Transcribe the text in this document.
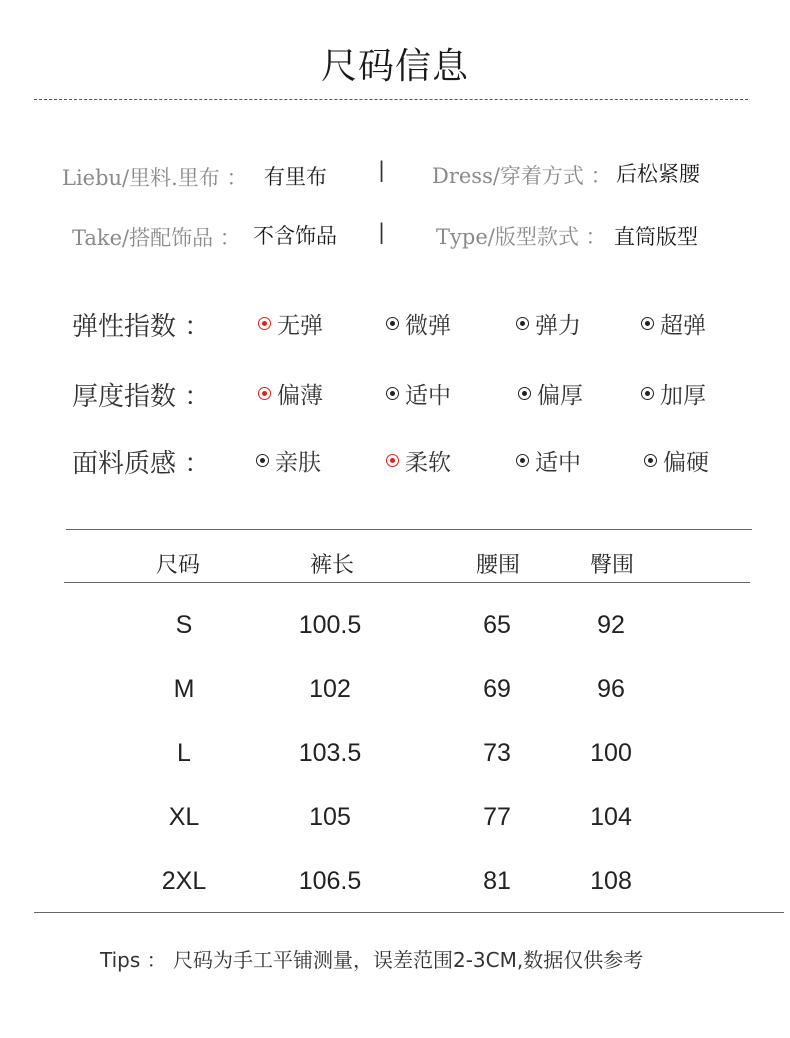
尺码信息
Liebu/里料.里布 ： 有里布 | Dress/穿着方式 ： 后松紧腰
Take/搭配饰品 ： 不含饰品 | Type/版型款式 ： 直筒版型
弹性指数 ：	无弹	微弹	弹力	超弹
厚度指数 ：	偏薄	适中	偏厚	加厚
面料质感 ：	亲肤	柔软	适中	偏硬
尺码	裤长	腰围	臀围
S	100.5	65	92
M	102	69	96
L	103.5	73	100
XL	105	77	104
2XL	106.5	81	108
Tips ： 尺码为手工平铺测量，误差范围2-3CM,数据仅供参考
